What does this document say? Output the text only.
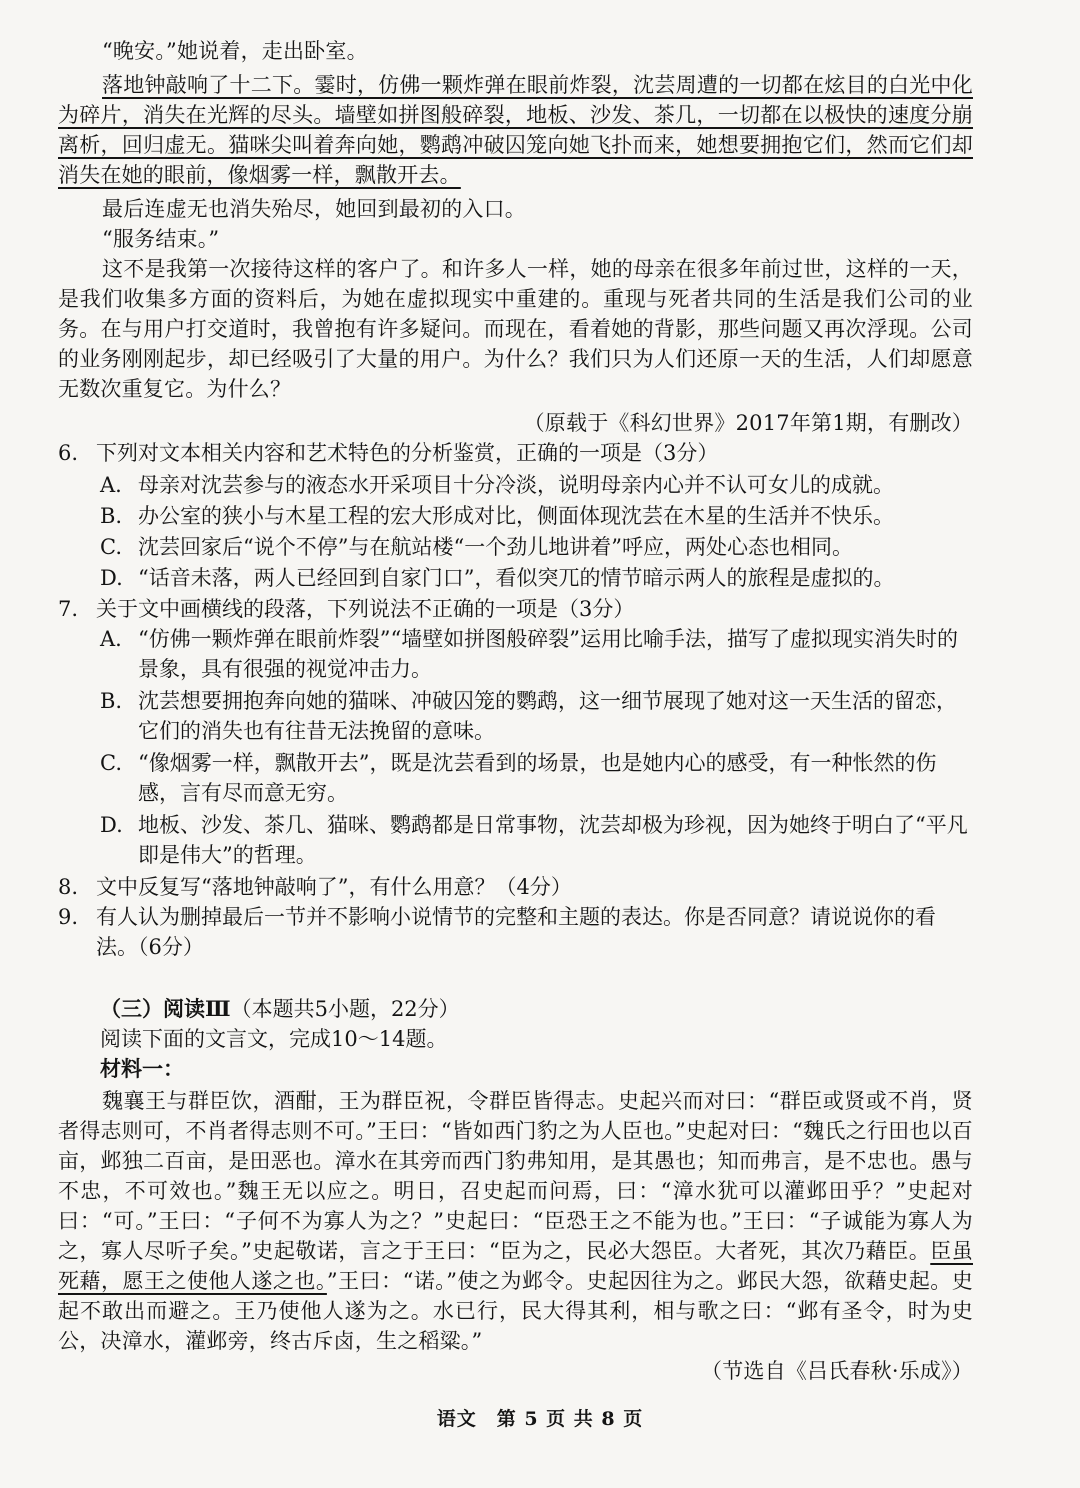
“晚安。”她说着，走出卧室。

落地钟敲响了十二下。霎时，仿佛一颗炸弹在眼前炸裂，沈芸周遭的一切都在炫目的白光中化为碎片，消失在光辉的尽头。墙壁如拼图般碎裂，地板、沙发、茶几，一切都在以极快的速度分崩离析，回归虚无。猫咪尖叫着奔向她，鹦鹉冲破囚笼向她飞扑而来，她想要拥抱它们，然而它们却消失在她的眼前，像烟雾一样，飘散开去。

最后连虚无也消失殆尽，她回到最初的入口。

“服务结束。”

这不是我第一次接待这样的客户了。和许多人一样，她的母亲在很多年前过世，这样的一天，是我们收集多方面的资料后，为她在虚拟现实中重建的。重现与死者共同的生活是我们公司的业务。在与用户打交道时，我曾抱有许多疑问。而现在，看着她的背影，那些问题又再次浮现。公司的业务刚刚起步，却已经吸引了大量的用户。为什么？我们只为人们还原一天的生活，人们却愿意无数次重复它。为什么？

（原载于《科幻世界》2017年第1期，有删改）

6. 下列对文本相关内容和艺术特色的分析鉴赏，正确的一项是（3分）

A. 母亲对沈芸参与的液态水开采项目十分冷淡，说明母亲内心并不认可女儿的成就。

B. 办公室的狭小与木星工程的宏大形成对比，侧面体现沈芸在木星的生活并不快乐。

C. 沈芸回家后“说个不停”与在航站楼“一个劲儿地讲着”呼应，两处心态也相同。

D. “话音未落，两人已经回到自家门口”，看似突兀的情节暗示两人的旅程是虚拟的。

7. 关于文中画横线的段落，下列说法不正确的一项是（3分）

A. “仿佛一颗炸弹在眼前炸裂”“墙壁如拼图般碎裂”运用比喻手法，描写了虚拟现实消失时的景象，具有很强的视觉冲击力。

B. 沈芸想要拥抱奔向她的猫咪、冲破囚笼的鹦鹉，这一细节展现了她对这一天生活的留恋，它们的消失也有往昔无法挽留的意味。

C. “像烟雾一样，飘散开去”，既是沈芸看到的场景，也是她内心的感受，有一种怅然的伤感，言有尽而意无穷。

D. 地板、沙发、茶几、猫咪、鹦鹉都是日常事物，沈芸却极为珍视，因为她终于明白了“平凡即是伟大”的哲理。

8. 文中反复写“落地钟敲响了”，有什么用意？（4分）

9. 有人认为删掉最后一节并不影响小说情节的完整和主题的表达。你是否同意？请说说你的看法。（6分）

（三）阅读Ⅲ（本题共5小题，22分）

阅读下面的文言文，完成10～14题。

材料一：

魏襄王与群臣饮，酒酣，王为群臣祝，令群臣皆得志。史起兴而对曰：“群臣或贤或不肖，贤者得志则可，不肖者得志则不可。”王曰：“皆如西门豹之为人臣也。”史起对曰：“魏氏之行田也以百亩，邺独二百亩，是田恶也。漳水在其旁而西门豹弗知用，是其愚也；知而弗言，是不忠也。愚与不忠，不可效也。”魏王无以应之。明日，召史起而问焉，曰：“漳水犹可以灌邺田乎？”史起对曰：“可。”王曰：“子何不为寡人为之？”史起曰：“臣恐王之不能为也。”王曰：“子诚能为寡人为之，寡人尽听子矣。”史起敬诺，言之于王曰：“臣为之，民必大怨臣。大者死，其次乃藉臣。臣虽死藉，愿王之使他人遂之也。”王曰：“诺。”使之为邺令。史起因往为之。邺民大怨，欲藉史起。史起不敢出而避之。王乃使他人遂为之。水已行，民大得其利，相与歌之曰：“邺有圣令，时为史公，决漳水，灌邺旁，终古斥卤，生之稻粱。”

（节选自《吕氏春秋·乐成》）

语文　第 5 页 共 8 页
